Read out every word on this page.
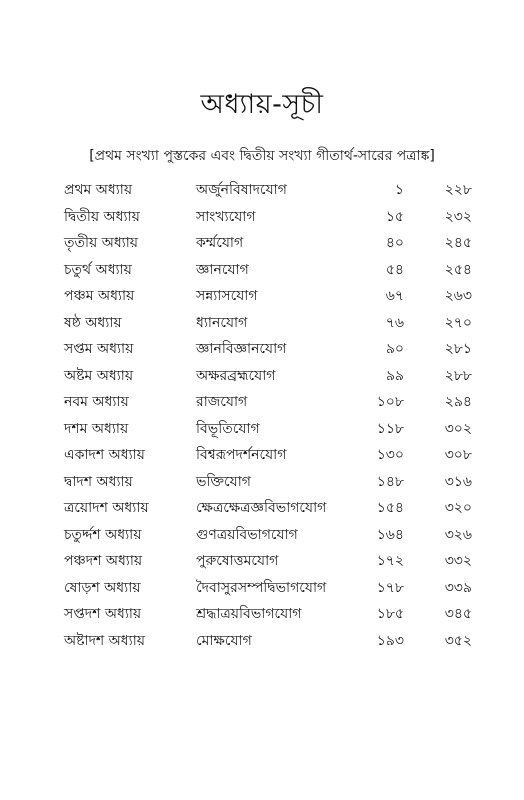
অধ্যায়-সূচী
[প্রথম সংখ্যা পুস্তকের এবং দ্বিতীয় সংখ্যা গীতার্থ-সারের পত্রাঙ্ক]
প্রথম অধ্যায়	অর্জুনবিষাদযোগ	১	২২৮
দ্বিতীয় অধ্যায়	সাংখ্যযোগ	১৫	২৩২
তৃতীয় অধ্যায়	কর্ম্মযোগ	৪০	২৪৫
চতুর্থ অধ্যায়	জ্ঞানযোগ	৫৪	২৫৪
পঞ্চম অধ্যায়	সন্ন্যাসযোগ	৬৭	২৬৩
ষষ্ঠ অধ্যায়	ধ্যানযোগ	৭৬	২৭০
সপ্তম অধ্যায়	জ্ঞানবিজ্ঞানযোগ	৯০	২৮১
অষ্টম অধ্যায়	অক্ষরব্রহ্মযোগ	৯৯	২৮৮
নবম অধ্যায়	রাজযোগ	১০৮	২৯৪
দশম অধ্যায়	বিভূতিযোগ	১১৮	৩০২
একাদশ অধ্যায়	বিশ্বরূপদর্শনযোগ	১৩০	৩০৮
দ্বাদশ অধ্যায়	ভক্তিযোগ	১৪৮	৩১৬
ত্রয়োদশ অধ্যায়	ক্ষেত্রক্ষেত্রজ্ঞবিভাগযোগ	১৫৪	৩২০
চতুর্দ্দশ অধ্যায়	গুণত্রয়বিভাগযোগ	১৬৪	৩২৬
পঞ্চদশ অধ্যায়	পুরুষোত্তমযোগ	১৭২	৩৩২
ষোড়শ অধ্যায়	দৈবাসুরসম্পদ্বিভাগযোগ	১৭৮	৩৩৯
সপ্তদশ অধ্যায়	শ্রদ্ধাত্রয়বিভাগযোগ	১৮৫	৩৪৫
অষ্টাদশ অধ্যায়	মোক্ষযোগ	১৯৩	৩৫২
